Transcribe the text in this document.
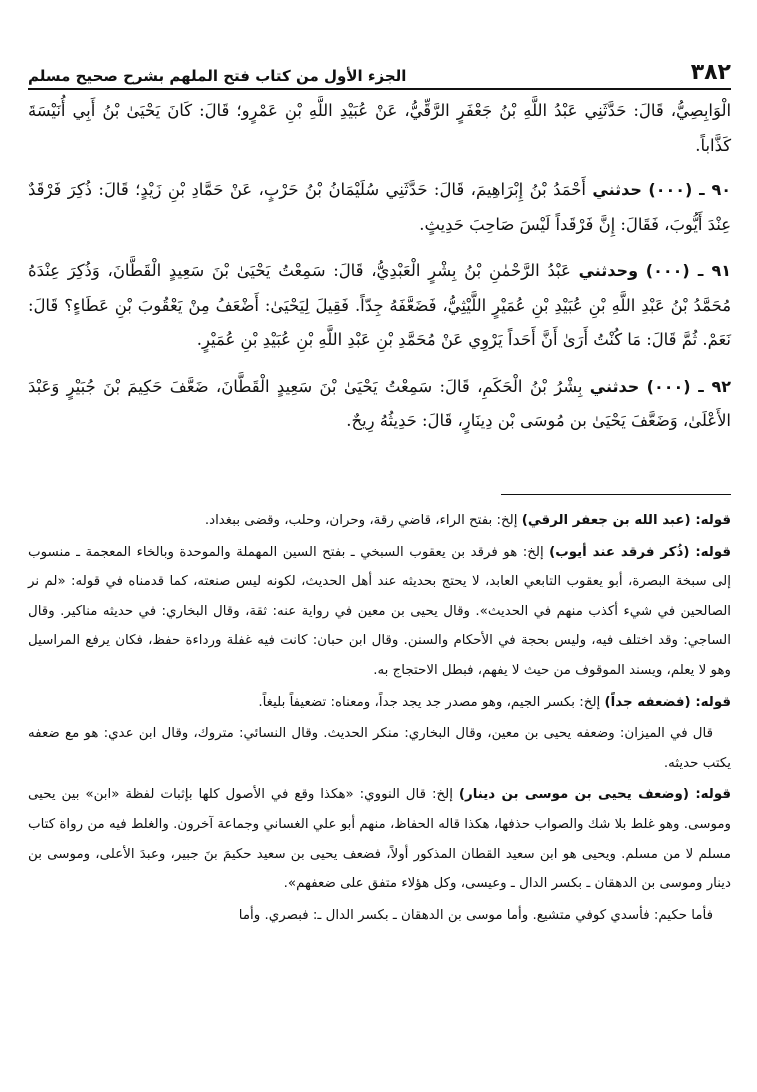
٣٨٢
الجزء الأول من كتاب فتح الملهم بشرح صحيح مسلم

الْوَابِصِيُّ، قَالَ: حَدَّثَنِي عَبْدُ اللَّهِ بْنُ جَعْفَرٍ الرَّقِّيُّ، عَنْ عُبَيْدِ اللَّهِ بْنِ عَمْرٍو؛ قَالَ: كَانَ يَحْيَىٰ بْنُ أَبِي أُنَيْسَةَ كَذَّاباً.

٩٠ ـ (٠٠٠) حدثني أَحْمَدُ بْنُ إِبْرَاهِيمَ، قَالَ: حَدَّثَنِي سُلَيْمَانُ بْنُ حَرْبٍ، عَنْ حَمَّادِ بْنِ زَيْدٍ؛ قَالَ: ذُكِرَ فَرْقَدٌ عِنْدَ أَيُّوبَ، فَقَالَ: إِنَّ فَرْقَداً لَيْسَ صَاحِبَ حَدِيثٍ.

٩١ ـ (٠٠٠) وحدثني عَبْدُ الرَّحْمٰنِ بْنُ بِشْرٍ الْعَبْدِيُّ، قَالَ: سَمِعْتُ يَحْيَىٰ بْنَ سَعِيدٍ الْقَطَّانَ، وَذُكِرَ عِنْدَهُ مُحَمَّدُ بْنُ عَبْدِ اللَّهِ بْنِ عُبَيْدِ بْنِ عُمَيْرٍ اللَّيْثِيُّ، فَضَعَّفَهُ جِدّاً. فَقِيلَ لِيَحْيَىٰ: أَضْعَفُ مِنْ يَعْقُوبَ بْنِ عَطَاءٍ؟ قَالَ: نَعَمْ. ثُمَّ قَالَ: مَا كُنْتُ أَرَىٰ أَنَّ أَحَداً يَرْوِي عَنْ مُحَمَّدِ بْنِ عَبْدِ اللَّهِ بْنِ عُبَيْدِ بْنِ عُمَيْرٍ.

٩٢ ـ (٠٠٠) حدثني بِشْرُ بْنُ الْحَكَمِ، قَالَ: سَمِعْتُ يَحْيَىٰ بْنَ سَعِيدٍ الْقَطَّانَ، ضَعَّفَ حَكِيمَ بْنَ جُبَيْرٍ وَعَبْدَ الأَعْلَىٰ، وَضَعَّفَ يَحْيَىٰ بن مُوسَى بْن دِينَارٍ، قَالَ: حَدِيثُهُ رِيحٌ.

قوله: (عبد الله بن جعفر الرقي) إلخ: بفتح الراء، قاضي رقة، وحران، وحلب، وقضى ببغداد.

قوله: (ذُكر فرقد عند أيوب) إلخ: هو فرقد بن يعقوب السبخي ـ بفتح السين المهملة والموحدة وبالخاء المعجمة ـ منسوب إلى سبخة البصرة، أبو يعقوب التابعي العابد، لا يحتج بحديثه عند أهل الحديث، لكونه ليس صنعته، كما قدمناه في قوله: «لم نر الصالحين في شيء أكذب منهم في الحديث». وقال يحيى بن معين في رواية عنه: ثقة، وقال البخاري: في حديثه مناكير. وقال الساجي: وقد اختلف فيه، وليس بحجة في الأحكام والسنن. وقال ابن حبان: كانت فيه غفلة ورداءة حفظ، فكان يرفع المراسيل وهو لا يعلم، ويسند الموقوف من حيث لا يفهم، فبطل الاحتجاج به.

قوله: (فضعفه جداً) إلخ: بكسر الجيم، وهو مصدر جد يجد جداً، ومعناه: تضعيفاً بليغاً.

قال في الميزان: وضعفه يحيى بن معين، وقال البخاري: منكر الحديث. وقال النسائي: متروك، وقال ابن عدي: هو مع ضعفه يكتب حديثه.

قوله: (وضعف يحيى بن موسى بن دينار) إلخ: قال النووي: «هكذا وقع في الأصول كلها بإثبات لفظة «ابن» بين يحيى وموسى. وهو غلط بلا شك والصواب حذفها، هكذا قاله الحفاظ، منهم أبو علي الغساني وجماعة آخرون. والغلط فيه من رواة كتاب مسلم لا من مسلم. ويحيى هو ابن سعيد القطان المذكور أولاً، فضعف يحيى بن سعيد حكيمَ بنَ جبير، وعبدَ الأعلى، وموسى بن دينار وموسى بن الدهقان ـ بكسر الدال ـ وعيسى، وكل هؤلاء متفق على ضعفهم».

فأما حكيم: فأسدي كوفي متشيع. وأما موسى بن الدهقان ـ بكسر الدال ـ: فبصري. وأما
